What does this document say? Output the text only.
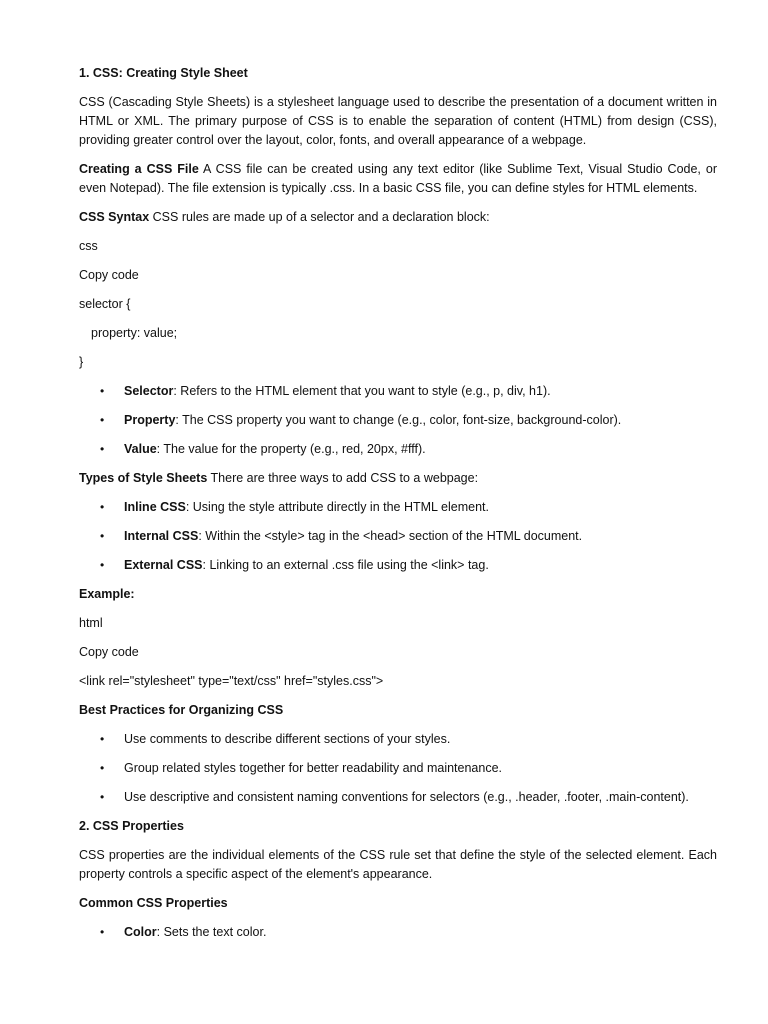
1. CSS: Creating Style Sheet
CSS (Cascading Style Sheets) is a stylesheet language used to describe the presentation of a document written in HTML or XML. The primary purpose of CSS is to enable the separation of content (HTML) from design (CSS), providing greater control over the layout, color, fonts, and overall appearance of a webpage.
Creating a CSS File A CSS file can be created using any text editor (like Sublime Text, Visual Studio Code, or even Notepad). The file extension is typically .css. In a basic CSS file, you can define styles for HTML elements.
CSS Syntax CSS rules are made up of a selector and a declaration block:
css
Copy code
selector {
property: value;
}
• Selector: Refers to the HTML element that you want to style (e.g., p, div, h1).
• Property: The CSS property you want to change (e.g., color, font-size, background-color).
• Value: The value for the property (e.g., red, 20px, #fff).
Types of Style Sheets There are three ways to add CSS to a webpage:
• Inline CSS: Using the style attribute directly in the HTML element.
• Internal CSS: Within the <style> tag in the <head> section of the HTML document.
• External CSS: Linking to an external .css file using the <link> tag.
Example:
html
Copy code
<link rel="stylesheet" type="text/css" href="styles.css">
Best Practices for Organizing CSS
• Use comments to describe different sections of your styles.
• Group related styles together for better readability and maintenance.
• Use descriptive and consistent naming conventions for selectors (e.g., .header, .footer, .main-content).
2. CSS Properties
CSS properties are the individual elements of the CSS rule set that define the style of the selected element. Each property controls a specific aspect of the element's appearance.
Common CSS Properties
• Color: Sets the text color.
